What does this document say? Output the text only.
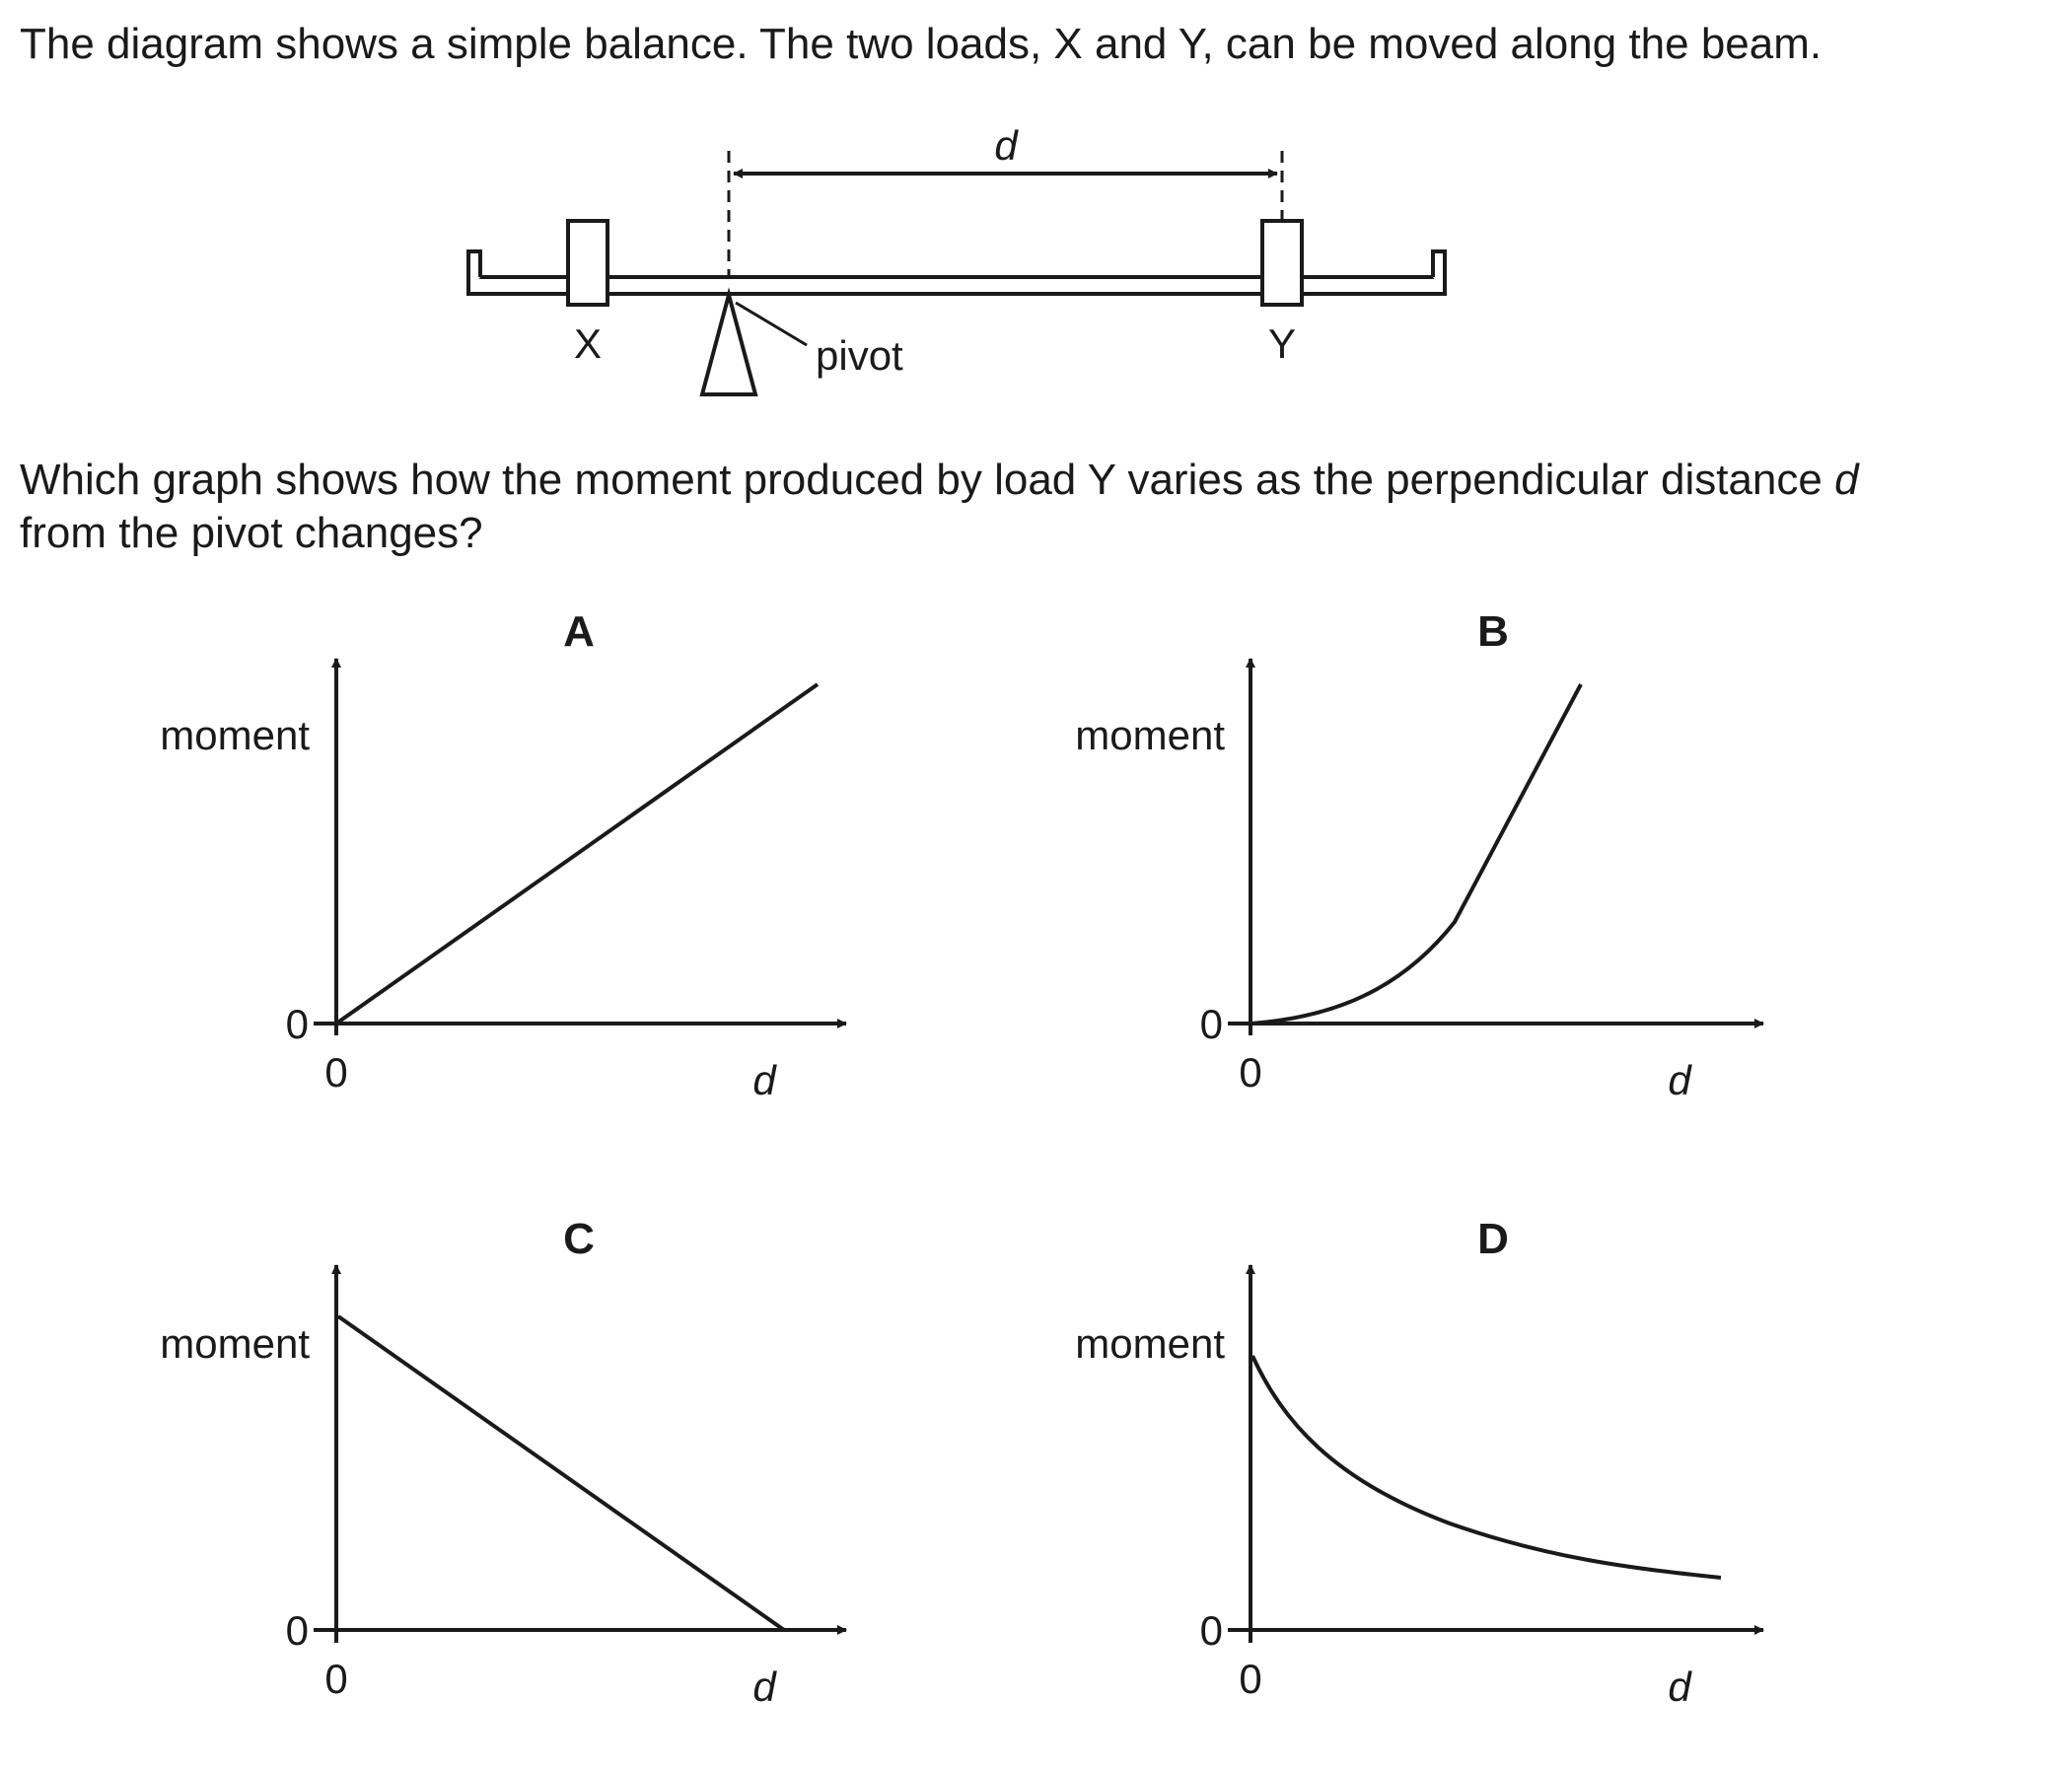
The diagram shows a simple balance. The two loads, X and Y, can be moved along the beam.
Which graph shows how the moment produced by load Y varies as the perpendicular distance d
from the pivot changes?
X	Y
pivot
d
A
moment
0
0	d
B
moment
0
0	d
C
moment
0
0	d
D
moment
0
0	d
